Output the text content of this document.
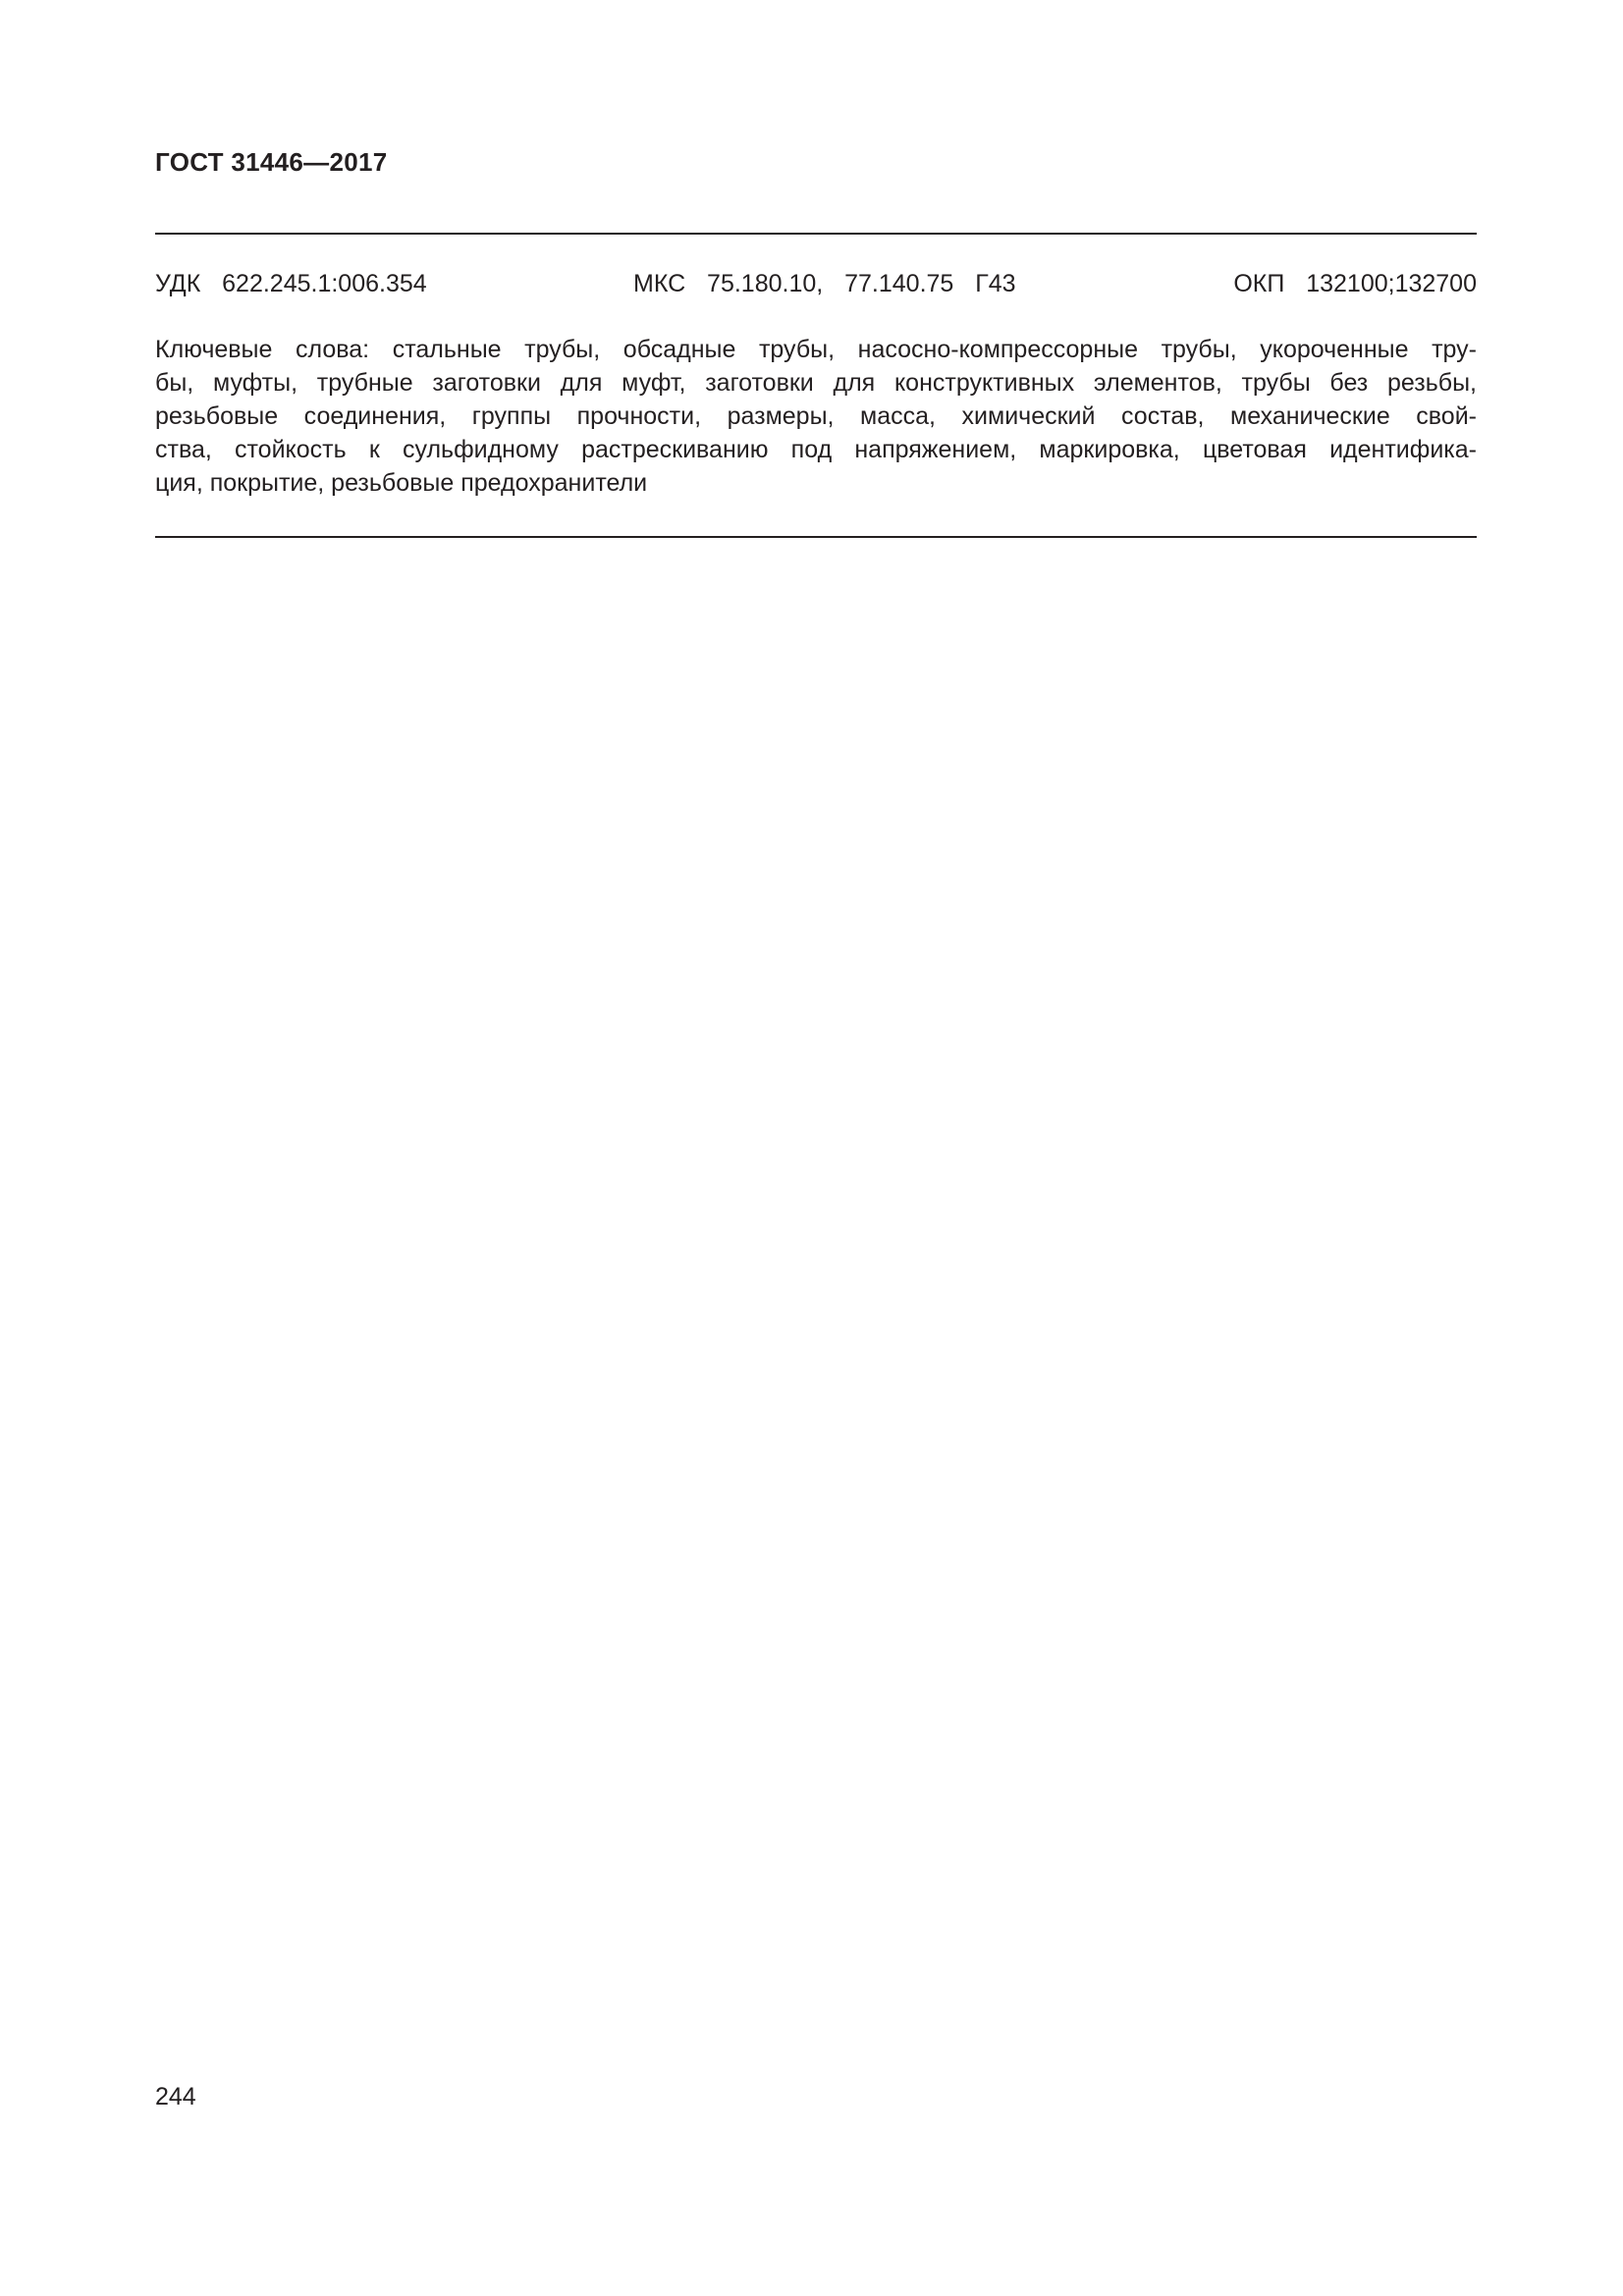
ГОСТ 31446—2017
УДК  622.245.1:006.354	МКС  75.180.10,  77.140.75  Г43	ОКП  132100;132700
Ключевые слова: стальные трубы, обсадные трубы, насосно-компрессорные трубы, укороченные тру-
бы, муфты, трубные заготовки для муфт, заготовки для конструктивных элементов, трубы без резьбы,
резьбовые соединения, группы прочности, размеры, масса, химический состав, механические свой-
ства, стойкость к сульфидному растрескиванию под напряжением, маркировка, цветовая идентифика-
ция, покрытие, резьбовые предохранители
244
